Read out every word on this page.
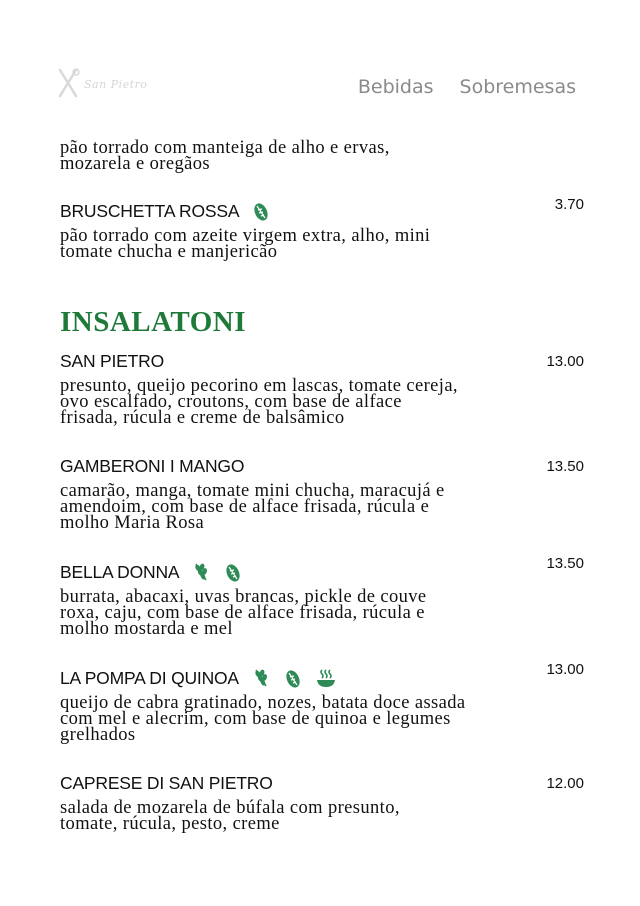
San Pietro	Bebidas Sobremesas

pão torrado com manteiga de alho e ervas, mozarela e oregãos

BRUSCHETTA ROSSA	3.70

pão torrado com azeite virgem extra, alho, mini tomate chucha e manjericão

INSALATONI
SAN PIETRO	13.00

presunto, queijo pecorino em lascas, tomate cereja, ovo escalfado, croutons, com base de alface frisada, rúcula e creme de balsâmico

GAMBERONI I MANGO	13.50

camarão, manga, tomate mini chucha, maracujá e amendoim, com base de alface frisada, rúcula e molho Maria Rosa

BELLA DONNA	13.50

burrata, abacaxi, uvas brancas, pickle de couve roxa, caju, com base de alface frisada, rúcula e molho mostarda e mel

LA POMPA DI QUINOA	13.00

queijo de cabra gratinado, nozes, batata doce assada com mel e alecrim, com base de quinoa e legumes grelhados

CAPRESE DI SAN PIETRO	12.00

salada de mozarela de búfala com presunto, tomate, rúcula, pesto, creme
